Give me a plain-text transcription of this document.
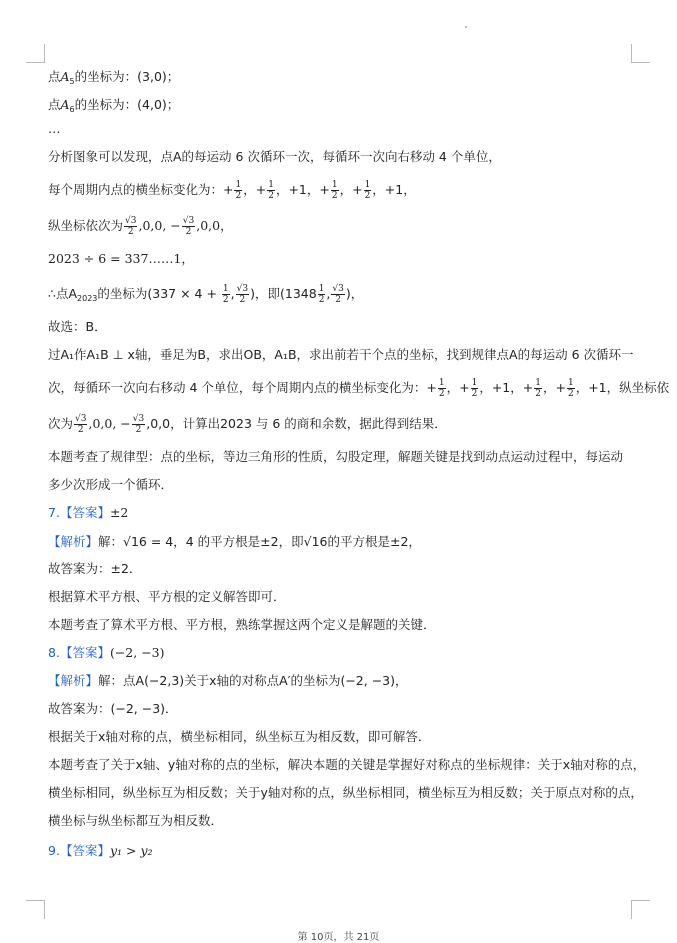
点$A_5$的坐标为：(3,0)；
点$A_6$的坐标为：(4,0)；
…
分析图象可以发现，点A的每运动 6 次循环一次，每循环一次向右移动 4 个单位，
每个周期内点的横坐标变化为：+ $\frac{1}{2}$ ，+ $\frac{1}{2}$ ，+1，+ $\frac{1}{2}$ ，+ $\frac{1}{2}$ ，+1，
纵坐标依次为 $\frac{√3}{2} ,0,0$, − $\frac{√3}{2} ,0,0$，
2023 ÷ 6 = 337……1，
∴点$A_{2023}$的坐标为($337 \times 4 + \frac{1}{2}$ , $\frac{√3}{2}$ )，即($1348 \frac{1}{2}$ , $\frac{√3}{2}$ )，
故选：B．
过A₁作A₁B ⊥ x轴，垂足为B，求出OB，A₁B，求出前若干个点的坐标，找到规律点A的每运动 6 次循环一
次，每循环一次向右移动 4 个单位，每个周期内点的横坐标变化为：+ $\frac{1}{2}$ ，+ $\frac{1}{2}$ ，+1，+ $\frac{1}{2}$ ，+ $\frac{1}{2}$ ，+1，纵坐标依
次为 $\frac{√3}{2} ,0,0$, − $\frac{√3}{2} ,0,0$，计算出2023 与 6 的商和余数，据此得到结果．
本题考查了规律型：点的坐标，等边三角形的性质，勾股定理，解题关键是找到动点运动过程中，每运动
多少次形成一个循环．
7.【答案】±2
【解析】解：√16 = 4，4 的平方根是±2，即√16的平方根是±2，
故答案为：±2．
根据算术平方根、平方根的定义解答即可．
本题考查了算术平方根、平方根，熟练掌握这两个定义是解题的关键．
8.【答案】(−2, −3)
【解析】解：点A(−2,3)关于x轴的对称点A′的坐标为(−2, −3)，
故答案为：(−2, −3)．
根据关于x轴对称的点，横坐标相同，纵坐标互为相反数，即可解答．
本题考查了关于x轴、y轴对称的点的坐标，解决本题的关键是掌握好对称点的坐标规律：关于x轴对称的点，
横坐标相同，纵坐标互为相反数；关于y轴对称的点，纵坐标相同，横坐标互为相反数；关于原点对称的点，
横坐标与纵坐标都互为相反数．
9.【答案】y₁ > y₂
第 10页，共 21页
